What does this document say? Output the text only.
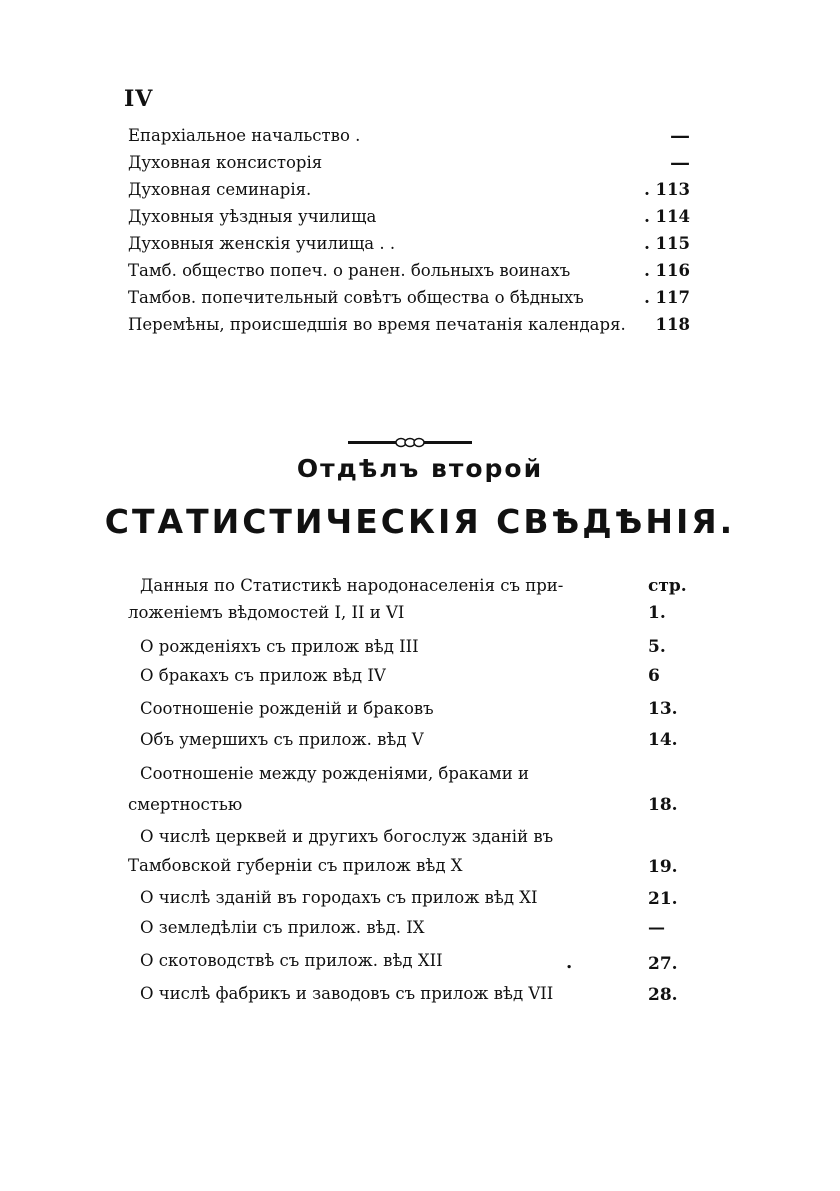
IV
Епархіальное начальство .	—
Духовная консисторія	—
Духовная семинарія.	. 113
Духовныя уѣздныя училища	. 114
Духовныя женскія училища . .	. 115
Тамб. общество попеч. о ранен. больныхъ воинахъ	. 116
Тамбов. попечительный совѣтъ общества о бѣдныхъ	. 117
Перемѣны, происшедшія во время печатанія календаря. 118
Отдѣлъ второй
СТАТИСТИЧЕСКІЯ СВѢДѢНІЯ.
стр.
Данныя по Статистикѣ народонаселенія съ при-
ложеніемъ вѣдомостей I, II и VI	1.
О рожденіяхъ съ прилож вѣд III	5.
О бракахъ съ прилож вѣд IV	6
Соотношеніе рожденій и браковъ	13.
Объ умершихъ съ прилож. вѣд V	14.
Соотношеніе между рожденіями, браками и
смертностью	18.
О числѣ церквей и другихъ богослуж зданій въ
Тамбовской губерніи съ прилож вѣд X	19.
О числѣ зданій въ городахъ съ прилож вѣд XI	21.
О земледѣліи съ прилож. вѣд. IX	—
О скотоводствѣ съ прилож. вѣд XII	.	27.
О числѣ фабрикъ и заводовъ съ прилож вѣд VII	28.
